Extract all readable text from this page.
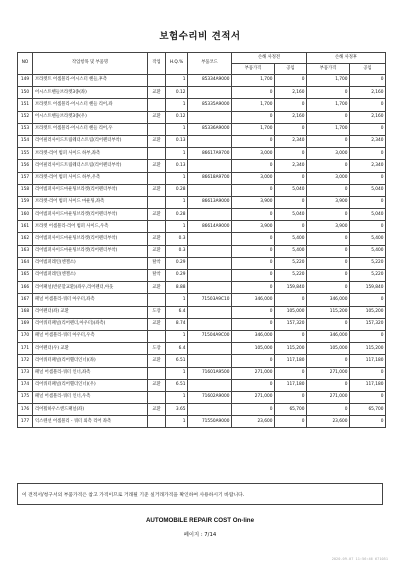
보험수리비 견적서
NO	작업항목 및 부품명	작업	H.Q.%	부품코드	손해 사정전		손해 사정후	
					부품가격	공임	부품가격	공임
149	브라켓트 어셈블리-어시스터 핸들,후측		1	85334A9000	1,700	0	1,700	0
150	어시스트핸들브라켓3종(좌)	교환	0.12		0	2,160	0	2,160
151	브라켓트 어셈블리-어시스터 핸들 리어,좌		1	85335A9000	1,700	0	1,700	0
152	어시스트핸들브라켓3종(우)	교환	0.12		0	2,160	0	2,160
153	브라켓트 어셈블리-어시스터 핸들 리어,우		1	85336A9000	1,700	0	1,700	0
154	리어필러사이드트림웨더스트립(리어펜더부착)	교환	0.13		0	2,340	0	2,340
155	브라켓-리어 범퍼 사이드 하부,좌측		1	86617A9700	3,000	0	3,000	0
156	리어필러사이드트림웨더스트립(리어펜더부착)	교환	0.13		0	2,340	0	2,340
157	브라켓-리어 범퍼 사이드 하부,우측		1	86618A9700	3,000	0	3,000	0
158	리어범퍼사이드마운팅브라켓(리어펜더부착)	교환	0.28		0	5,040	0	5,040
159	브라켓-리어 범퍼 사이드 마운팅,좌측		1	86613A9000	3,900	0	3,900	0
160	리어범퍼사이드마운팅브라켓(리어펜더부착)	교환	0.28		0	5,040	0	5,040
161	브라켓 어셈블리-리어 범퍼 사이드,우측		1	86614A9000	3,900	0	3,900	0
162	리어범퍼사이드마운팅브라켓(리어펜더부착)	교환	0.3		0	5,400	0	5,400
163	리어범퍼사이드마운팅브라켓(리어펜더부착)	교환	0.3		0	5,400	0	5,400
164	리어범퍼레인(엔젤소)	탈착	0.29		0	5,220	0	5,220
165	리어범퍼레인(엔젤소)	탈착	0.29		0	5,220	0	5,220
166	리어패널(반분할교환)(좌우,리어펜더,아웃	교환	8.88		0	159,840	0	159,840
167	패널 어셈블리-쿼터 아우터,좌측		1	71503A9C10	346,000	0	346,000	0
168	리어펜더(좌) 교환	도장	6.4		0	105,000	115,200	105,200
169	리어쿼터패널(리어펜더,아우터)(좌측)	교환	8.74		0	157,320	0	157,320
170	패널 어셈블리-쿼터 아우터,우측		1	71504A9C00	346,000	0	346,000	0
171	리어펜더(우) 교환	도장	6.4		105,000	115,200	105,000	115,200
172	리어쿼터패널(리어휀더인너)(좌)	교환	6.51		0	117,180	0	117,180
173	패널 어셈블리-쿼터 인너,좌측		1	71601A9500	271,000	0	271,000	0
174	리어쿼터패널(리어휀더인너)(우)	교환	6.51		0	117,180	0	117,180
175	패널 어셈블리-쿼터 인너,우측		1	71602A9000	271,000	0	271,000	0
176	리어휠하우스앤드패널(좌)	교환	3.65		0	65,700	0	65,700
177	익스텐션 어셈블리 - 쿼터 외측 리어 좌측		1	71550A9000	23,600	0	23,600	0
이 견적서/청구서의 부품가격은 참고 가격이므로 거래될 기준 실거래가격을 확인하여 사용하시기 바랍니다.
AUTOMOBILE REPAIR COST On-line
페이지 : 7/14
2020-09-07 11:56:46 671051
